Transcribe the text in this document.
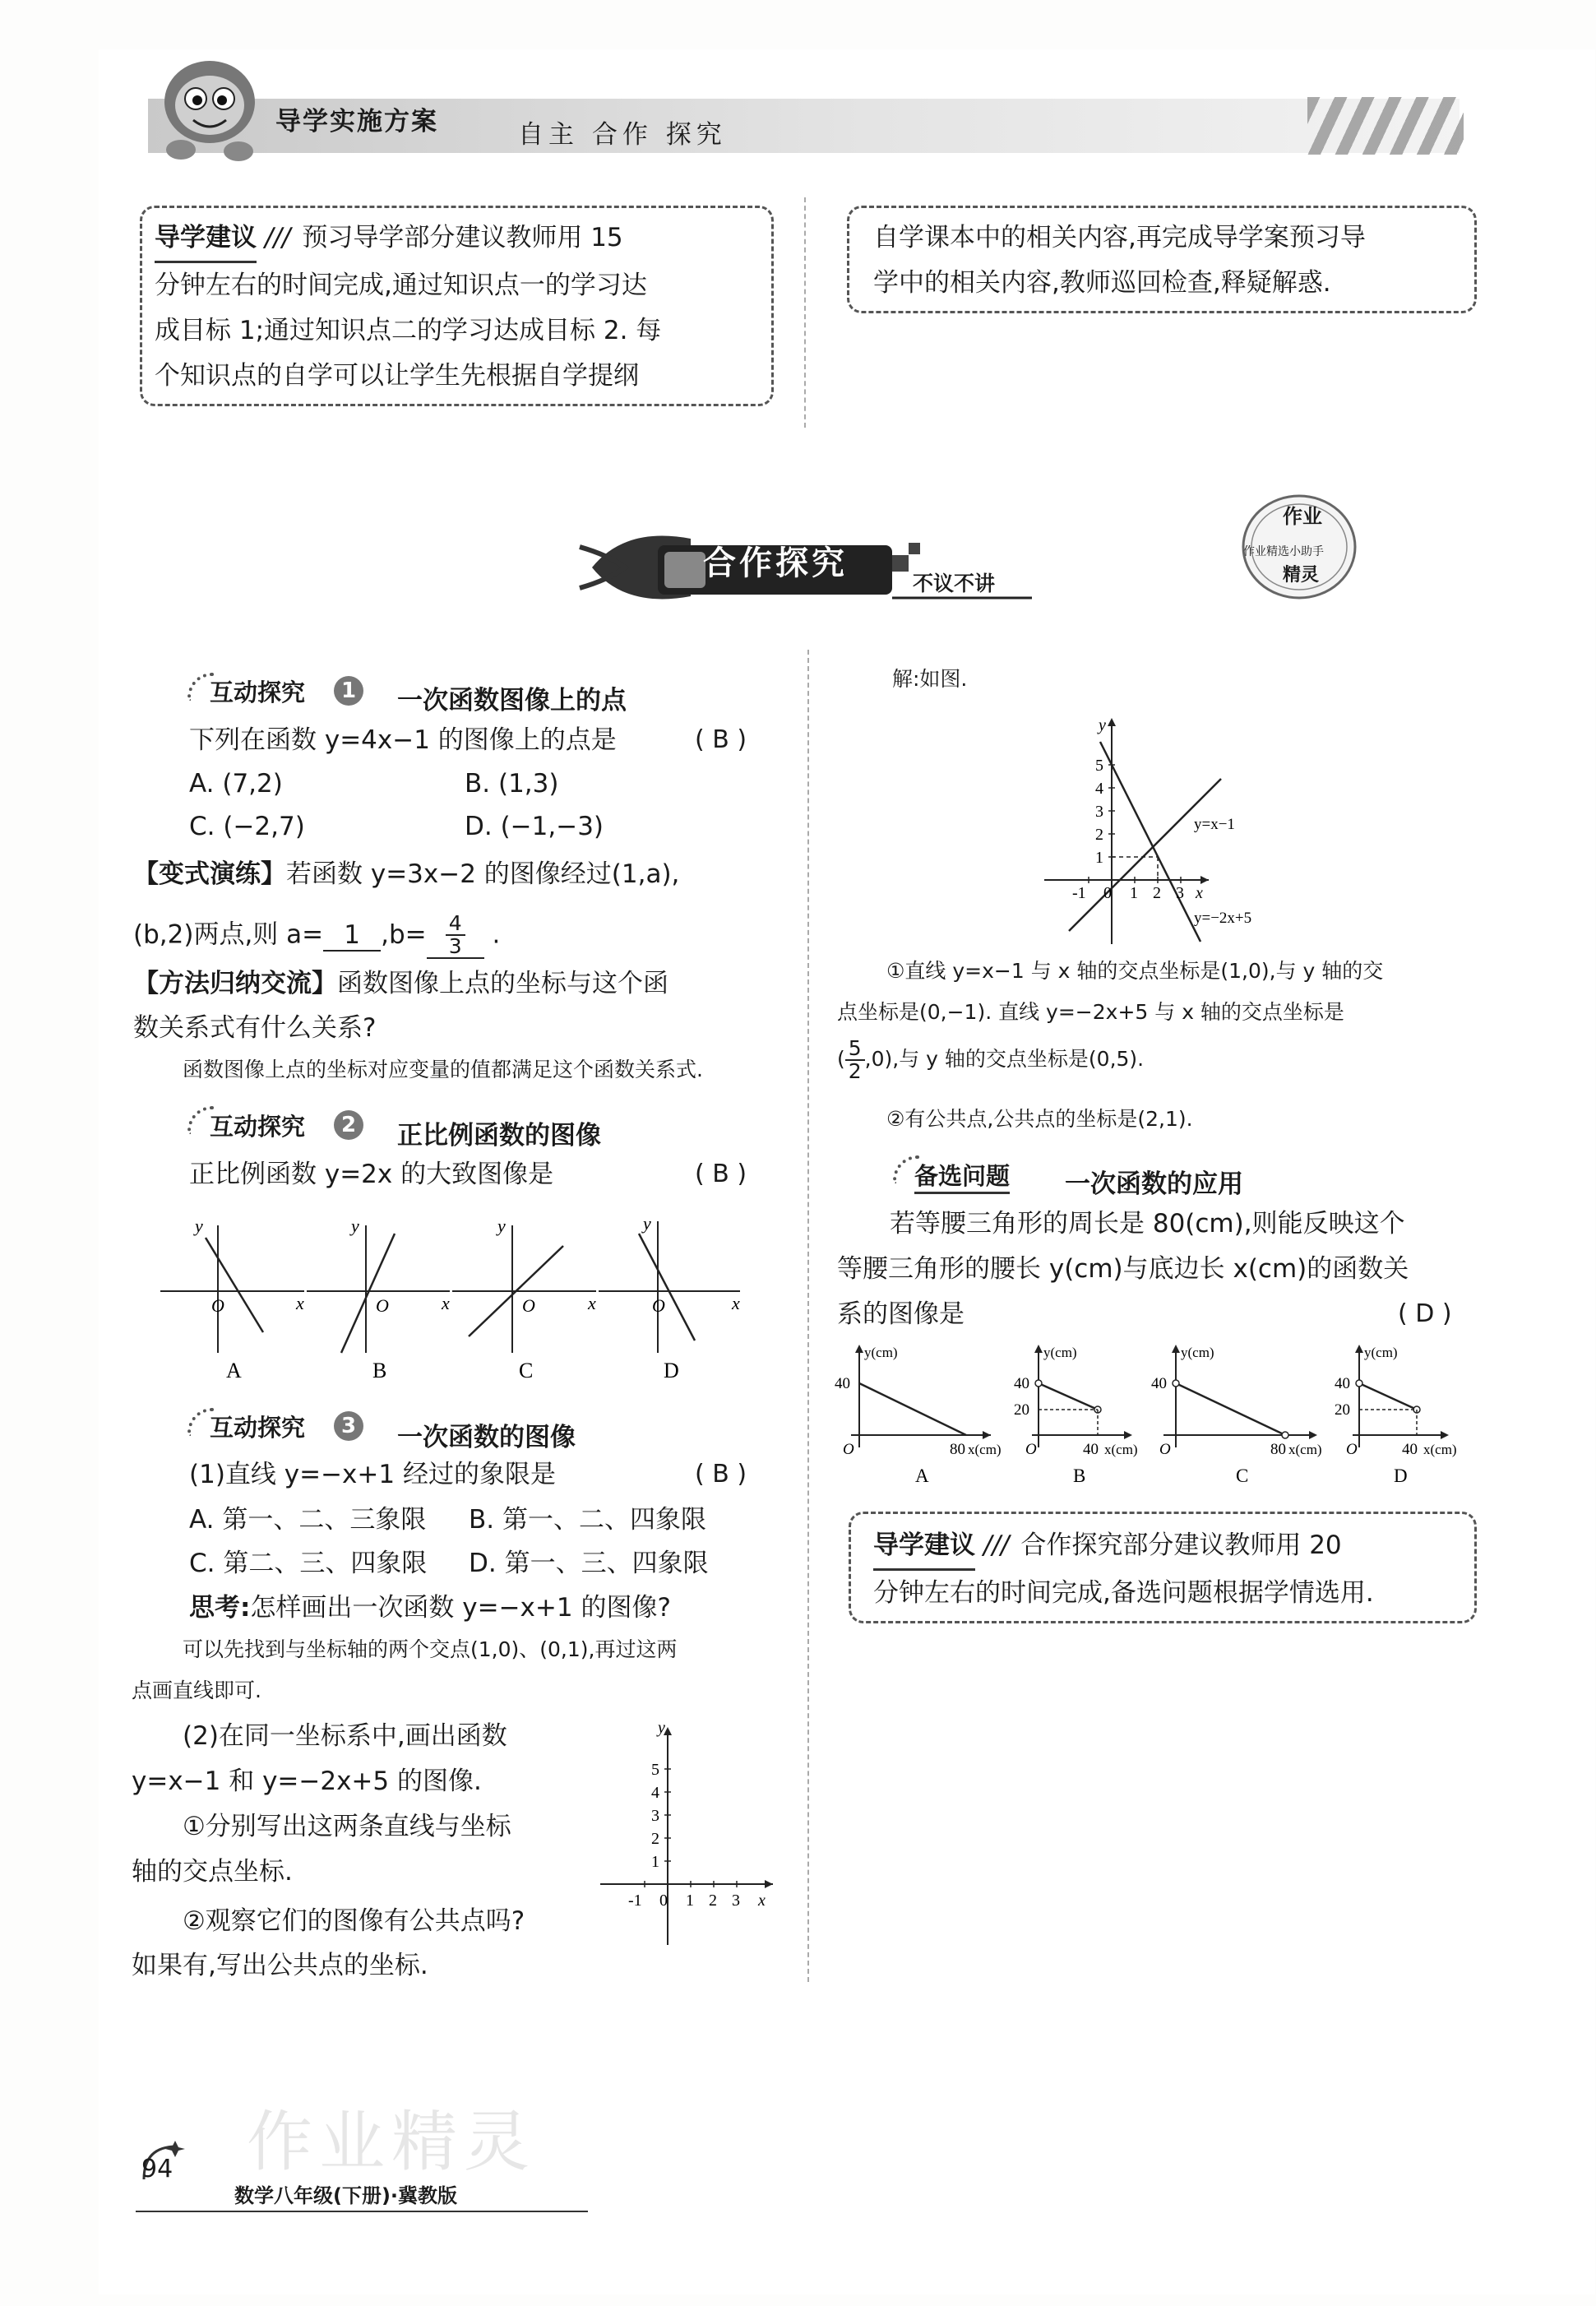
导学实施方案	自主 合作 探究
导学建议 /// 预习导学部分建议教师用 15
分钟左右的时间完成,通过知识点一的学习达
成目标 1;通过知识点二的学习达成目标 2. 每
个知识点的自学可以让学生先根据自学提纲
自学课本中的相关内容,再完成导学案预习导
学中的相关内容,教师巡回检查,释疑解惑.
合作探究
不议不讲
作业
作业精选小助手
精灵
互动探究	1 一次函数图像上的点
下列在函数 y=4x−1 的图像上的点是	( B )
A. (7,2)	B. (1,3)
C. (−2,7)	D. (−1,−3)
【变式演练】若函数 y=3x−2 的图像经过(1,a),
(b,2)两点,则 a= 1 $,b= \frac{4}{3}$ .
【方法归纳交流】函数图像上点的坐标与这个函
数关系式有什么关系?
函数图像上点的坐标对应变量的值都满足这个函数关系式.
互动探究	2 正比例函数的图像
正比例函数 y=2x 的大致图像是	( B )
y
x
O
A
y
x
O
B
y
x
O
C
y
x
O
D
互动探究	3 一次函数的图像
(1)直线 y=−x+1 经过的象限是	( B )
A. 第一、二、三象限 B. 第一、二、四象限
C. 第二、三、四象限 D. 第一、三、四象限
思考:怎样画出一次函数 y=−x+1 的图像?
可以先找到与坐标轴的两个交点(1,0)、(0,1),再过这两
点画直线即可.
(2)在同一坐标系中,画出函数
y=x−1 和 y=−2x+5 的图像.
①分别写出这两条直线与坐标
轴的交点坐标.
②观察它们的图像有公共点吗?
如果有,写出公共点的坐标.
5
4
3
2
1
-1 0 1 2 3 x
y
解:如图.
5
4
3
2
1
-1 0 1 2 3 x
y
y=x−1
y=−2x+5
①直线 y=x−1 与 x 轴的交点坐标是(1,0),与 y 轴的交
点坐标是(0,−1). 直线 y=−2x+5 与 x 轴的交点坐标是
( $\frac{5}{2} ,0$),与 y 轴的交点坐标是(0,5).
②有公共点,公共点的坐标是(2,1).
备选问题 一次函数的应用
若等腰三角形的周长是 80(cm),则能反映这个
等腰三角形的腰长 y(cm)与底边长 x(cm)的函数关
系的图像是	( D )
y(cm)
40
O	80 x(cm)
A
y(cm)
40
20
O	40 x(cm)
B
y(cm)
40
O	80 x(cm)
C
y(cm)
40
20
O	40 x(cm)
D
导学建议 /// 合作探究部分建议教师用 20
分钟左右的时间完成,备选问题根据学情选用.
作业精灵
94
数学八年级(下册)·冀教版
